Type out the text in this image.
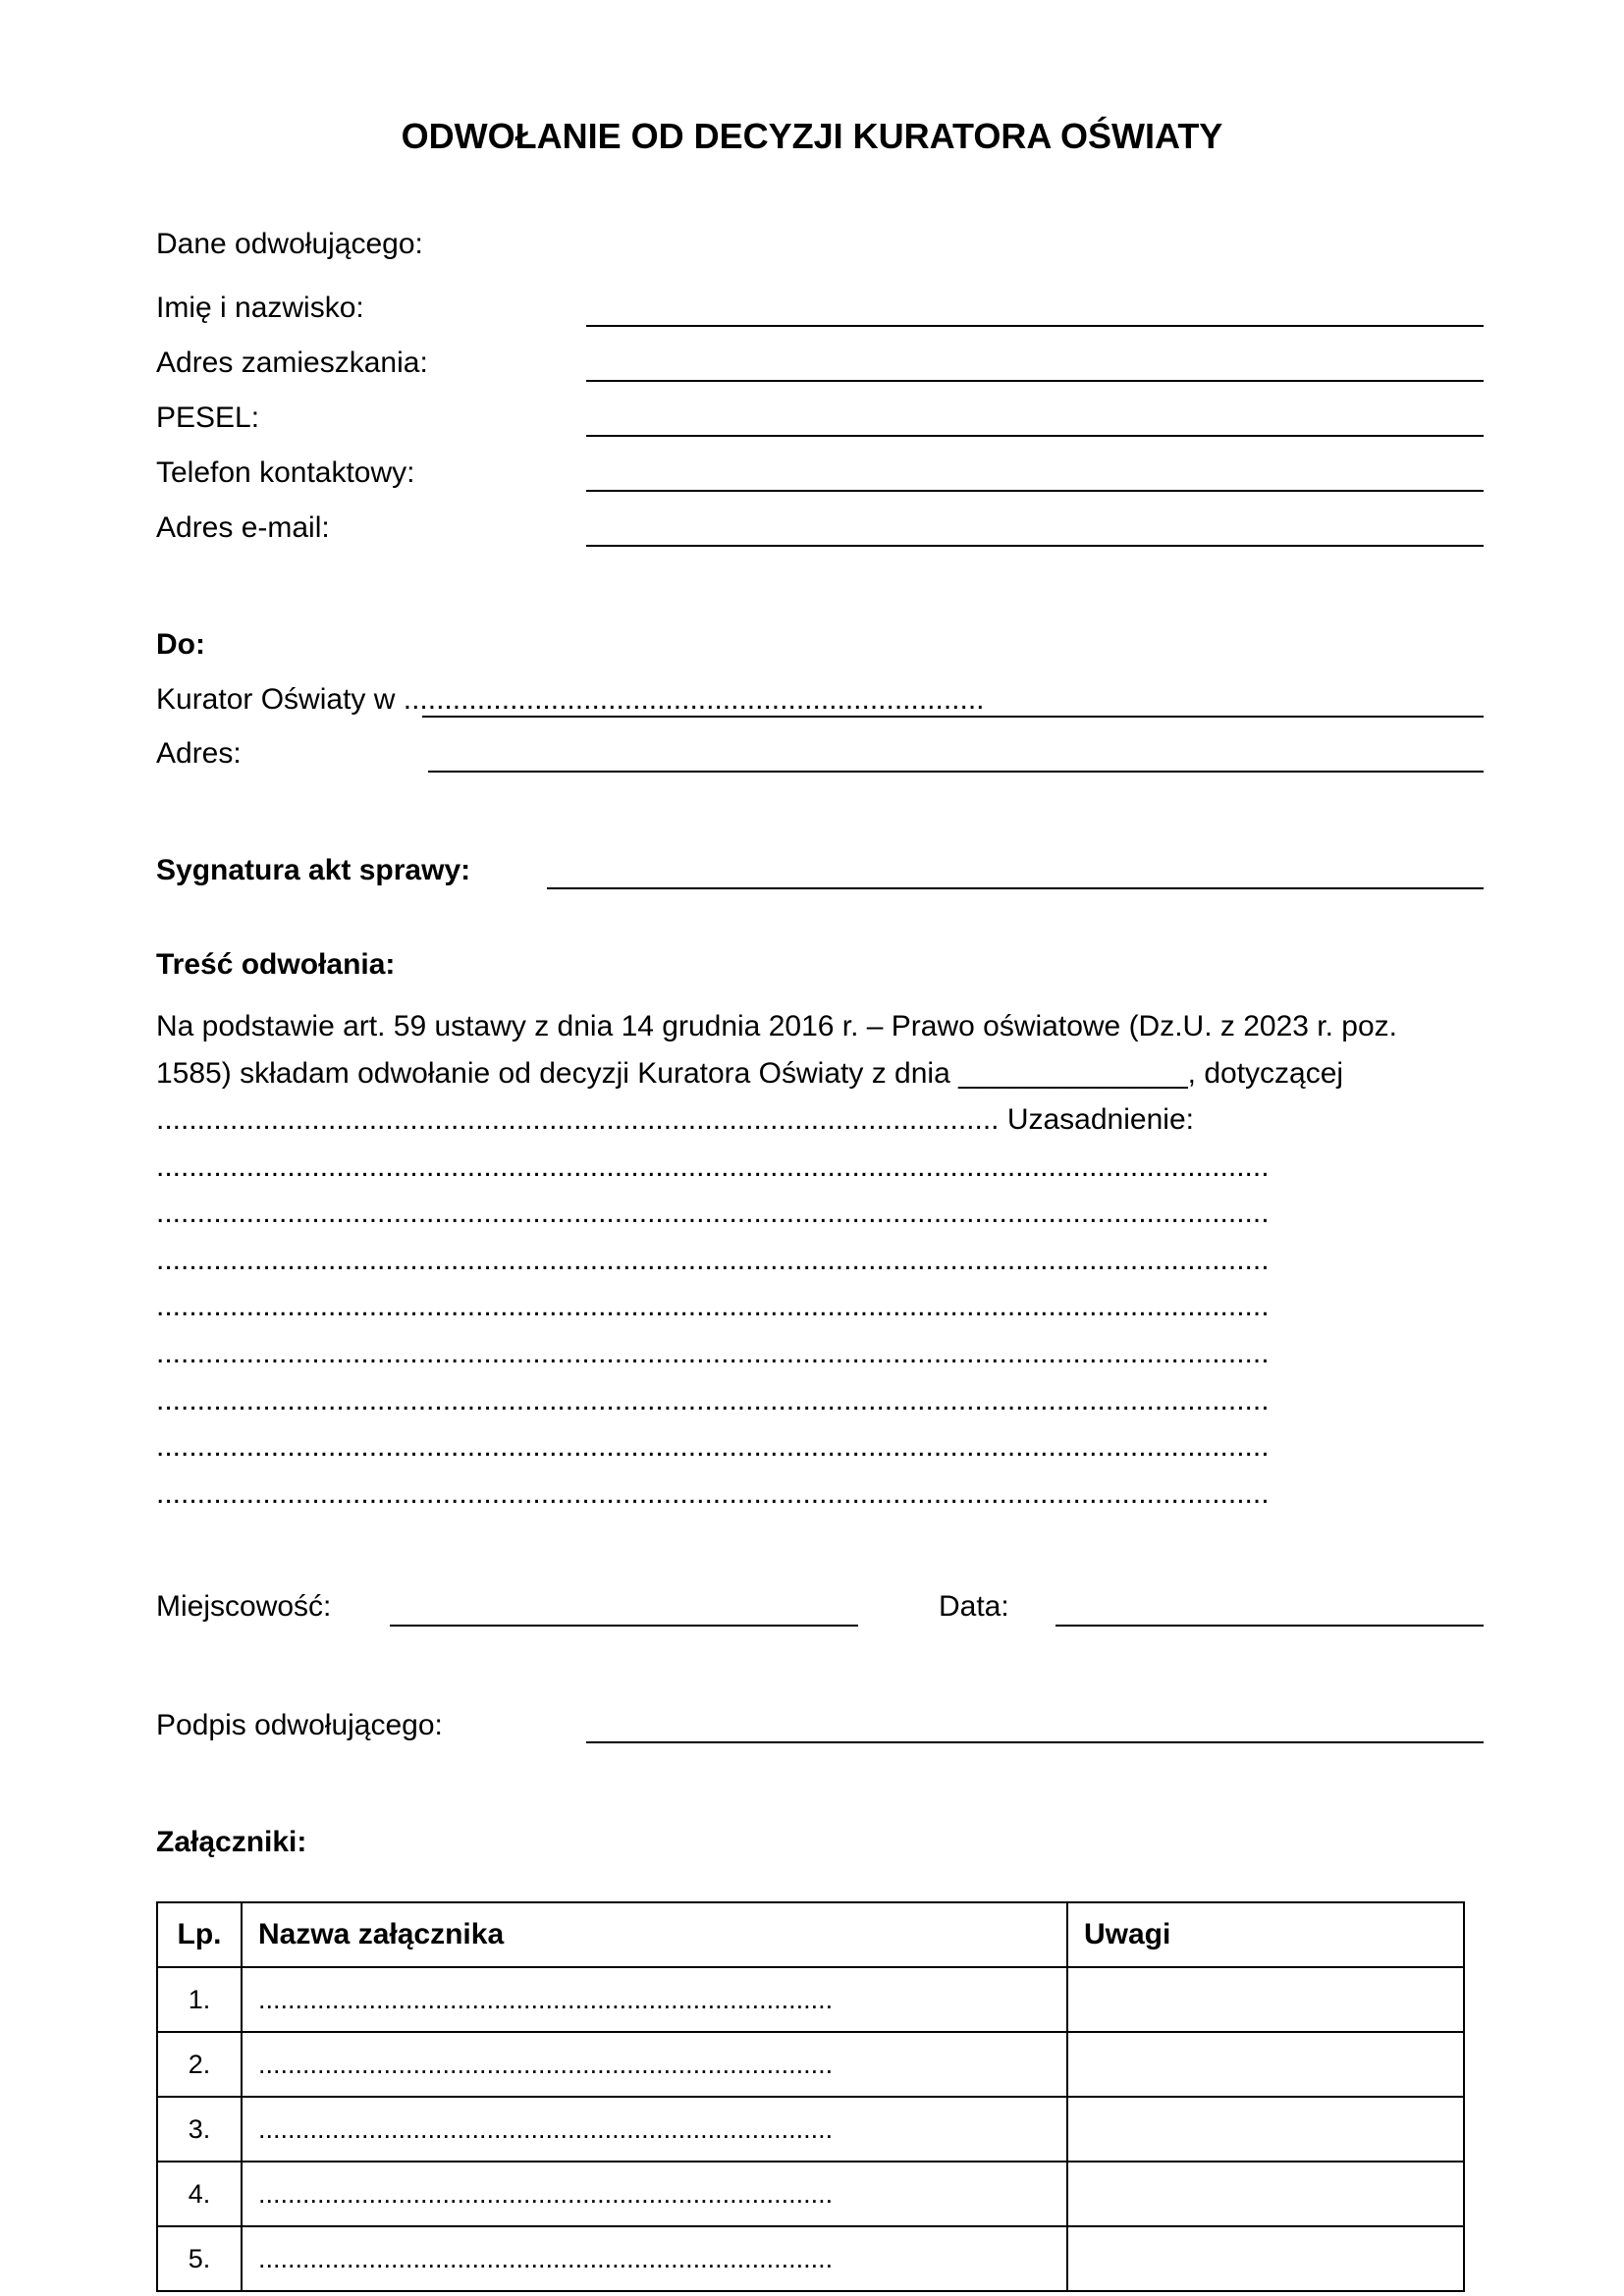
ODWOŁANIE OD DECYZJI KURATORA OŚWIATY
Dane odwołującego:
Imię i nazwisko:
Adres zamieszkania:
PESEL:
Telefon kontaktowy:
Adres e-mail:
Do:
Kurator Oświaty w .......................................................................
Adres:
Sygnatura akt sprawy:
Treść odwołania:
Na podstawie art. 59 ustawy z dnia 14 grudnia 2016 r. – Prawo oświatowe (Dz.U. z 2023 r. poz.
1585) składam odwołanie od decyzji Kuratora Oświaty z dnia ______________, dotyczącej
....................................................................................................... Uzasadnienie:
........................................................................................................................................
........................................................................................................................................
........................................................................................................................................
........................................................................................................................................
........................................................................................................................................
........................................................................................................................................
........................................................................................................................................
........................................................................................................................................
Miejscowość:	Data:
Podpis odwołującego:
Załączniki:
Lp.	Nazwa załącznika	Uwagi
1.	..............................................................................	
2.	..............................................................................	
3.	..............................................................................	
4.	..............................................................................	
5.	..............................................................................	
